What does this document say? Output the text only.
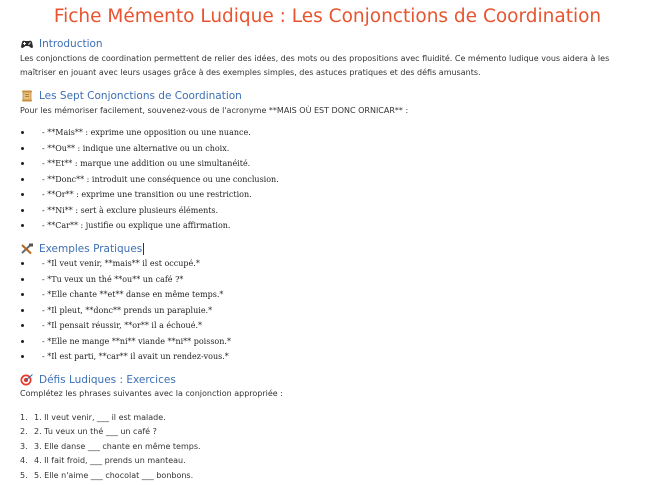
Fiche Mémento Ludique : Les Conjonctions de Coordination
Introduction
Les conjonctions de coordination permettent de relier des idées, des mots ou des propositions avec fluidité. Ce mémento ludique vous aidera à les maîtriser en jouant avec leurs usages grâce à des exemples simples, des astuces pratiques et des défis amusants.
Les Sept Conjonctions de Coordination
Pour les mémoriser facilement, souvenez-vous de l'acronyme **MAIS OÙ EST DONC ORNICAR** :
- **Mais** : exprime une opposition ou une nuance.
- **Ou** : indique une alternative ou un choix.
- **Et** : marque une addition ou une simultanéité.
- **Donc** : introduit une conséquence ou une conclusion.
- **Or** : exprime une transition ou une restriction.
- **Ni** : sert à exclure plusieurs éléments.
- **Car** : justifie ou explique une affirmation.
Exemples Pratiques
- *Il veut venir, **mais** il est occupé.*
- *Tu veux un thé **ou** un café ?*
- *Elle chante **et** danse en même temps.*
- *Il pleut, **donc** prends un parapluie.*
- *Il pensait réussir, **or** il a échoué.*
- *Elle ne mange **ni** viande **ni** poisson.*
- *Il est parti, **car** il avait un rendez-vous.*
Défis Ludiques : Exercices
Complétez les phrases suivantes avec la conjonction appropriée :
1. 1. Il veut venir, ___ il est malade.
2. 2. Tu veux un thé ___ un café ?
3. 3. Elle danse ___ chante en même temps.
4. 4. Il fait froid, ___ prends un manteau.
5. 5. Elle n'aime ___ chocolat ___ bonbons.
